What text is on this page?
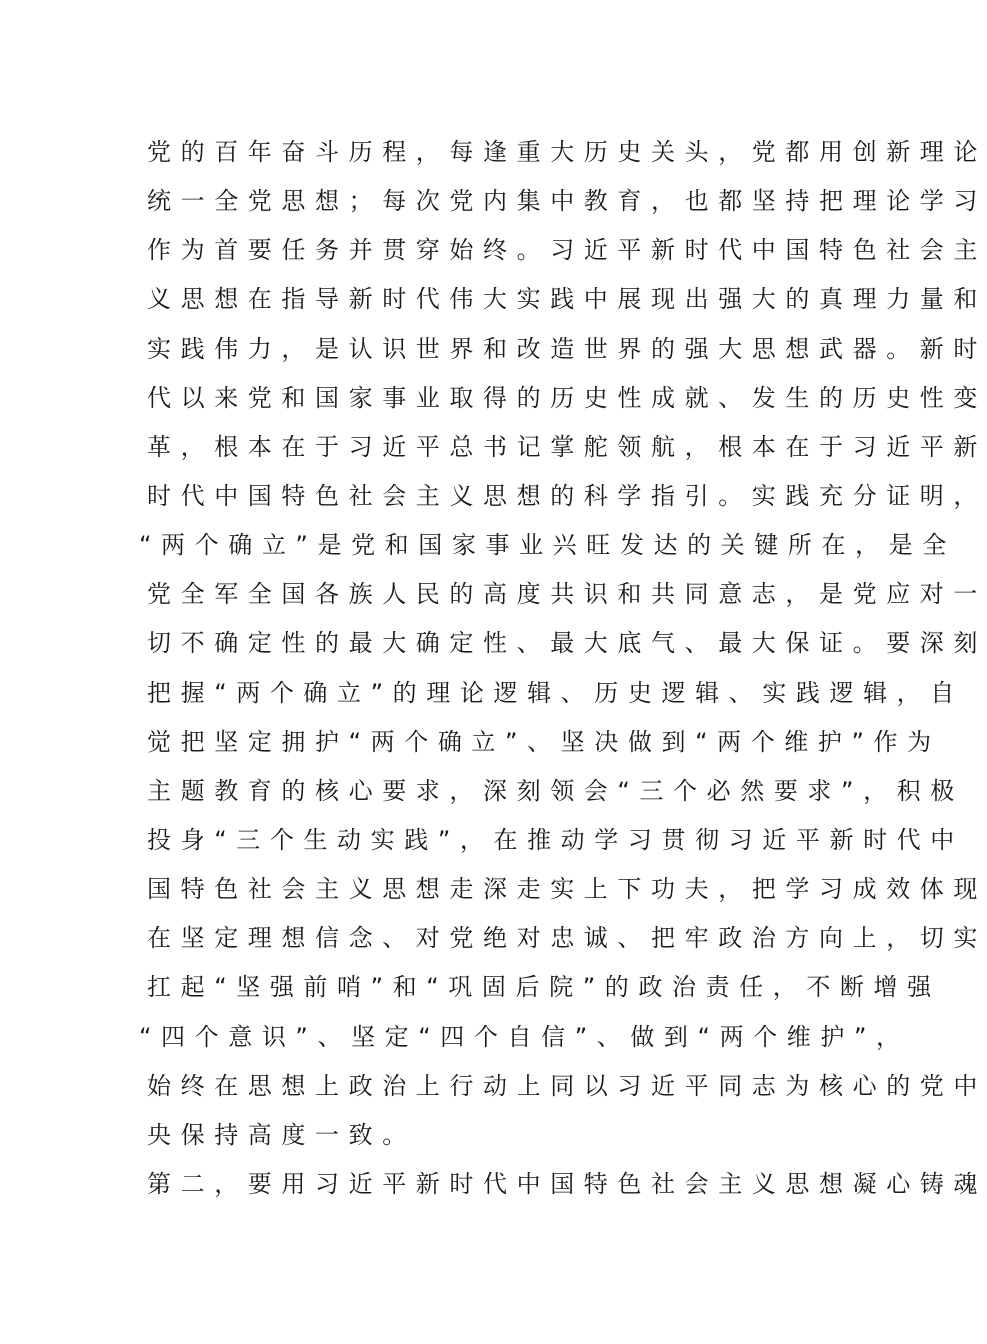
党的百年奋斗历程，每逢重大历史关头，党都用创新理论
统一全党思想；每次党内集中教育，也都坚持把理论学习
作为首要任务并贯穿始终。习近平新时代中国特色社会主
义思想在指导新时代伟大实践中展现出强大的真理力量和
实践伟力，是认识世界和改造世界的强大思想武器。新时
代以来党和国家事业取得的历史性成就、发生的历史性变
革，根本在于习近平总书记掌舵领航，根本在于习近平新
时代中国特色社会主义思想的科学指引。实践充分证明，
“两个确立”是党和国家事业兴旺发达的关键所在，是全
党全军全国各族人民的高度共识和共同意志，是党应对一
切不确定性的最大确定性、最大底气、最大保证。要深刻
把握“两个确立”的理论逻辑、历史逻辑、实践逻辑，自
觉把坚定拥护“两个确立”、坚决做到“两个维护”作为
主题教育的核心要求，深刻领会“三个必然要求”，积极
投身“三个生动实践”，在推动学习贯彻习近平新时代中
国特色社会主义思想走深走实上下功夫，把学习成效体现
在坚定理想信念、对党绝对忠诚、把牢政治方向上，切实
扛起“坚强前哨”和“巩固后院”的政治责任，不断增强
“四个意识”、坚定“四个自信”、做到“两个维护”，
始终在思想上政治上行动上同以习近平同志为核心的党中
央保持高度一致。
第二，要用习近平新时代中国特色社会主义思想凝心铸魂
